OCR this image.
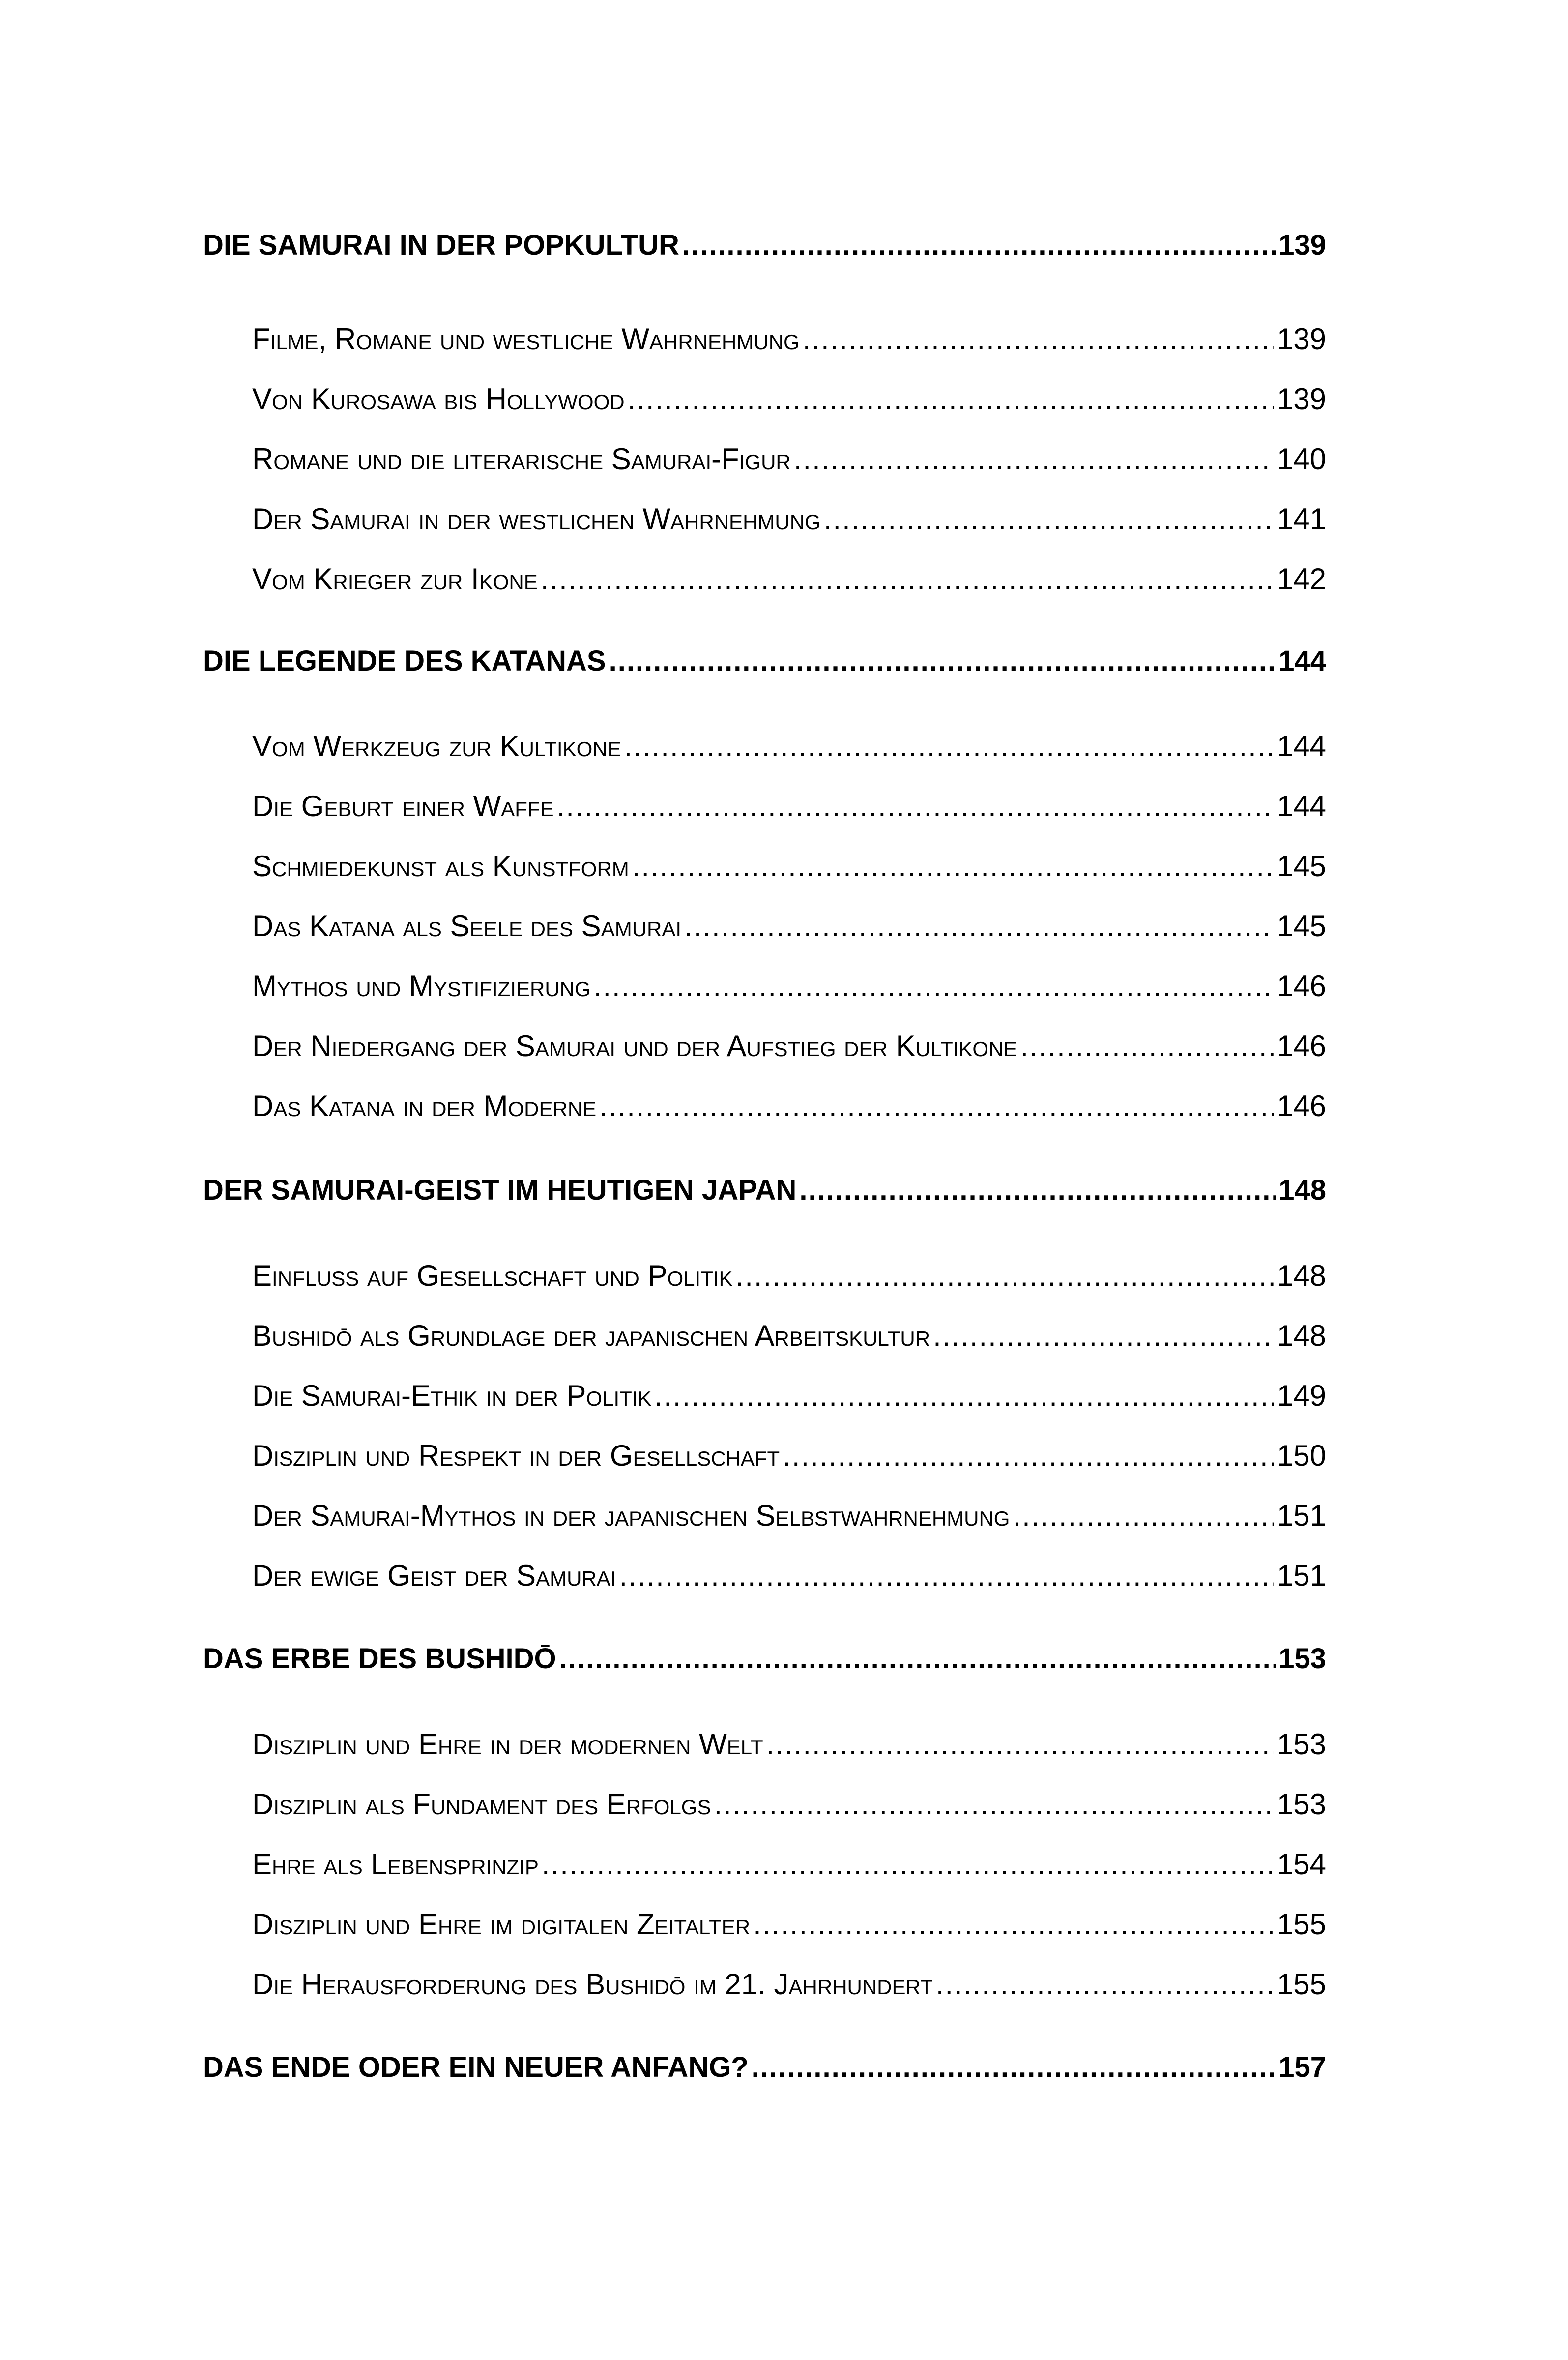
DIE SAMURAI IN DER POPKULTUR .....	139
Filme, Romane und westliche Wahrnehmung .....	139
Von Kurosawa bis Hollywood .....	139
Romane und die literarische Samurai-Figur .....	140
Der Samurai in der westlichen Wahrnehmung .....	141
Vom Krieger zur Ikone .....	142
DIE LEGENDE DES KATANAS .....	144
Vom Werkzeug zur Kultikone .....	144
Die Geburt einer Waffe .....	144
Schmiedekunst als Kunstform .....	145
Das Katana als Seele des Samurai .....	145
Mythos und Mystifizierung .....	146
Der Niedergang der Samurai und der Aufstieg der Kultikone .....	146
Das Katana in der Moderne .....	146
DER SAMURAI-GEIST IM HEUTIGEN JAPAN .....	148
Einfluss auf Gesellschaft und Politik .....	148
Bushidō als Grundlage der japanischen Arbeitskultur .....	148
Die Samurai-Ethik in der Politik .....	149
Disziplin und Respekt in der Gesellschaft .....	150
Der Samurai-Mythos in der japanischen Selbstwahrnehmung .....	151
Der ewige Geist der Samurai .....	151
DAS ERBE DES BUSHIDŌ .....	153
Disziplin und Ehre in der modernen Welt .....	153
Disziplin als Fundament des Erfolgs .....	153
Ehre als Lebensprinzip .....	154
Disziplin und Ehre im digitalen Zeitalter .....	155
Die Herausforderung des Bushidō im 21. Jahrhundert .....	155
DAS ENDE ODER EIN NEUER ANFANG? .....	157
